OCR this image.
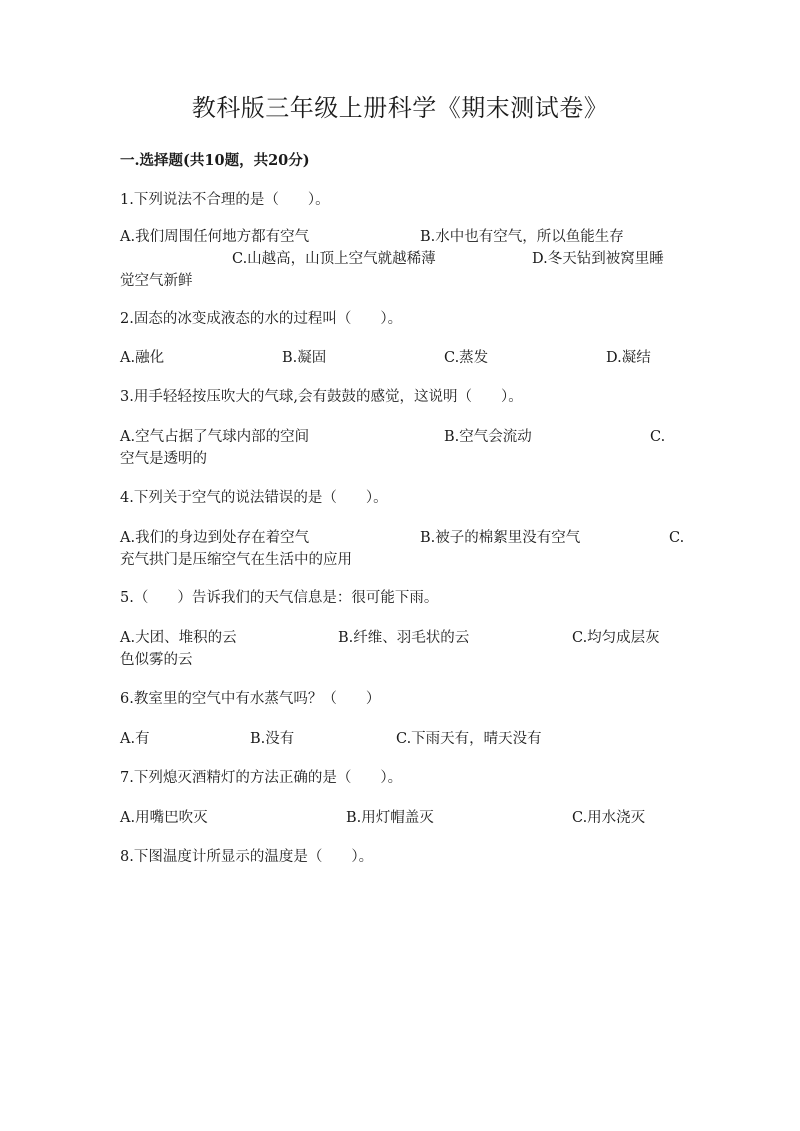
教科版三年级上册科学《期末测试卷》
一.选择题(共10题，共20分)
1.下列说法不合理的是（　　）。
A.我们周围任何地方都有空气	B.水中也有空气，所以鱼能生存
C.山越高，山顶上空气就越稀薄	D.冬天钻到被窝里睡
觉空气新鲜
2.固态的冰变成液态的水的过程叫（　　）。
A.融化	B.凝固	C.蒸发	D.凝结
3.用手轻轻按压吹大的气球,会有鼓鼓的感觉，这说明（　　）。
A.空气占据了气球内部的空间	B.空气会流动	C.
空气是透明的
4.下列关于空气的说法错误的是（　　）。
A.我们的身边到处存在着空气	B.被子的棉絮里没有空气	C.
充气拱门是压缩空气在生活中的应用
5.（　　）告诉我们的天气信息是：很可能下雨。
A.大团、堆积的云	B.纤维、羽毛状的云	C.均匀成层灰
色似雾的云
6.教室里的空气中有水蒸气吗？（　　）
A.有	B.没有	C.下雨天有，晴天没有
7.下列熄灭酒精灯的方法正确的是（　　）。
A.用嘴巴吹灭	B.用灯帽盖灭	C.用水浇灭
8.下图温度计所显示的温度是（　　）。
